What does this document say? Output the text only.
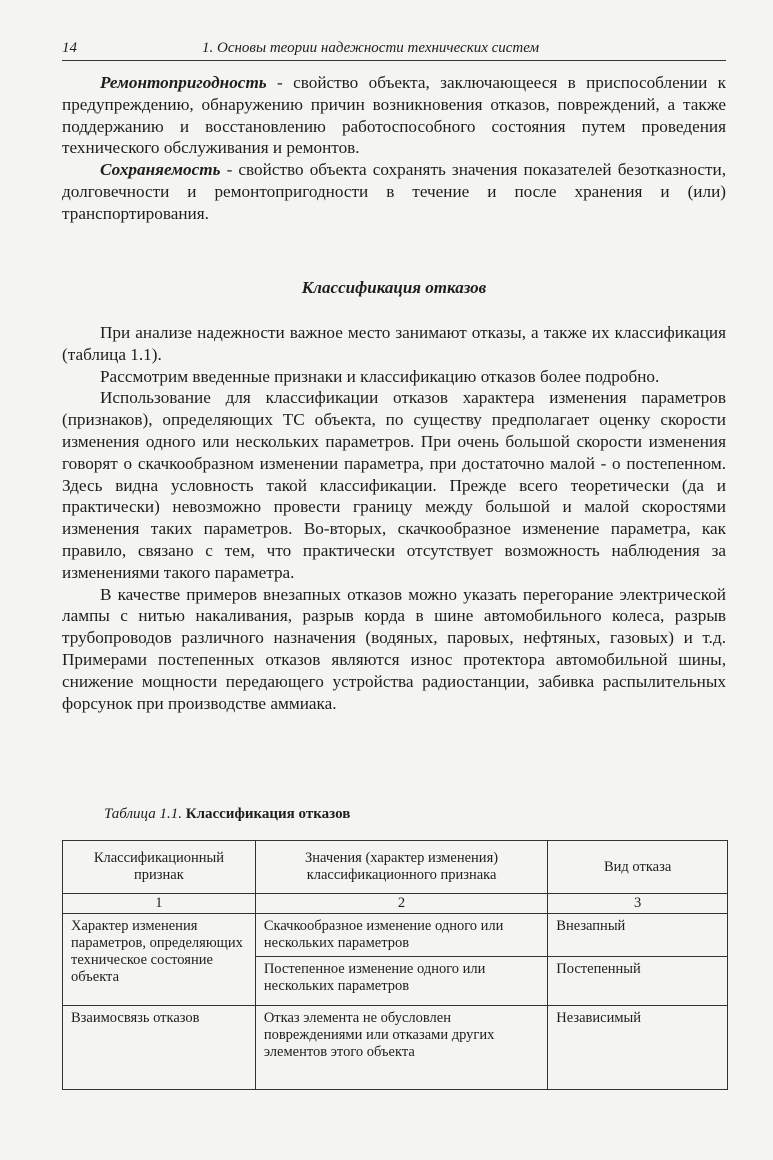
14	1. Основы теории надежности технических систем

Ремонтопригодность - свойство объекта, заключающееся в приспособлении к предупреждению, обнаружению причин возникновения отказов, повреждений, а также поддержанию и восстановлению работоспособного состояния путем проведения технического обслуживания и ремонтов.

Сохраняемость - свойство объекта сохранять значения показателей безотказности, долговечности и ремонтопригодности в течение и после хранения и (или) транспортирования.

Классификация отказов

При анализе надежности важное место занимают отказы, а также их классификация (таблица 1.1).

Рассмотрим введенные признаки и классификацию отказов более подробно.

Использование для классификации отказов характера изменения параметров (признаков), определяющих ТС объекта, по существу предполагает оценку скорости изменения одного или нескольких параметров. При очень большой скорости изменения говорят о скачкообразном изменении параметра, при достаточно малой - о постепенном. Здесь видна условность такой классификации. Прежде всего теоретически (да и практически) невозможно провести границу между большой и малой скоростями изменения таких параметров. Во-вторых, скачкообразное изменение параметра, как правило, связано с тем, что практически отсутствует возможность наблюдения за изменениями такого параметра.

В качестве примеров внезапных отказов можно указать перегорание электрической лампы с нитью накаливания, разрыв корда в шине автомобильного колеса, разрыв трубопроводов различного назначения (водяных, паровых, нефтяных, газовых) и т.д. Примерами постепенных отказов являются износ протектора автомобильной шины, снижение мощности передающего устройства радиостанции, забивка распылительных форсунок при производстве аммиака.

Таблица 1.1. Классификация отказов
Классификационный признак	Значения (характер изменения) классификационного признака	Вид отказа
1	2	3
Характер изменения параметров, определяющих техническое состояние объекта	Скачкообразное изменение одного или нескольких параметров	Внезапный
	Постепенное изменение одного или нескольких параметров	Постепенный
Взаимосвязь отказов	Отказ элемента не обусловлен повреждениями или отказами других элементов этого объекта	Независимый
